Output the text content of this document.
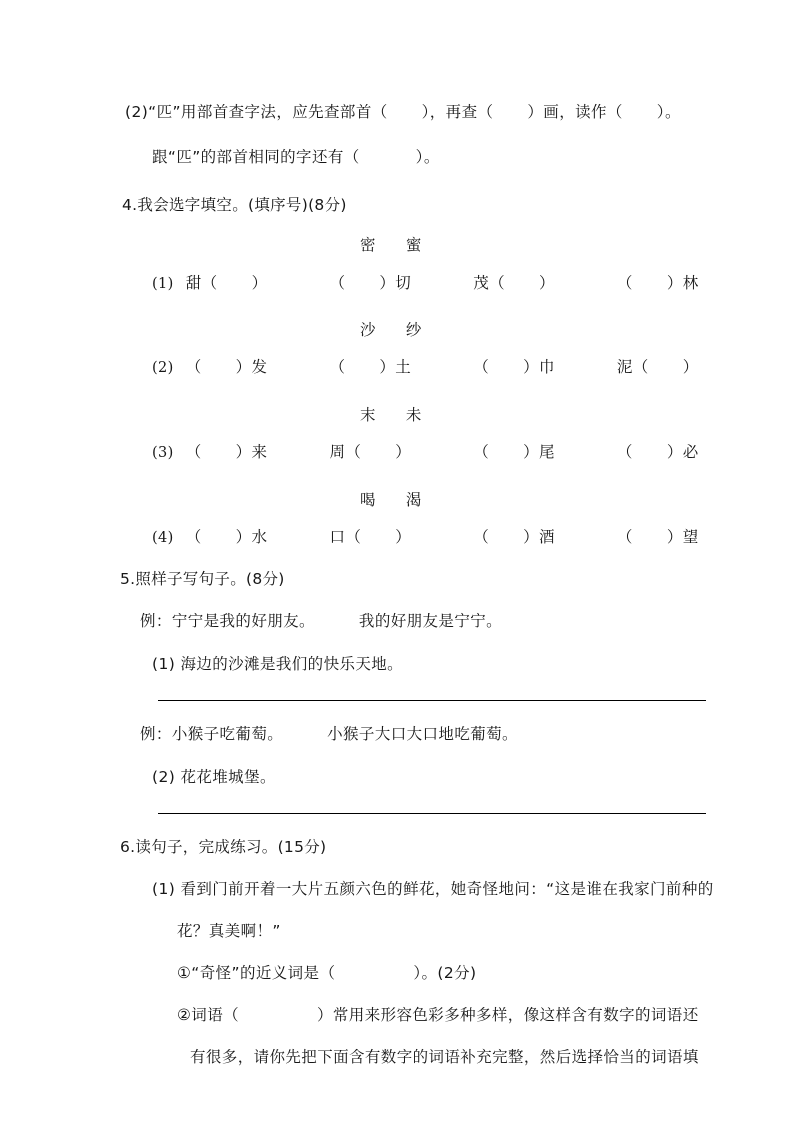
(2)“匹”用部首查字法，应先查部首（ ），再查（ ）画，读作（ ）。
跟“匹”的部首相同的字还有（	）。
4.我会选字填空。(填序号)(8分)
密 蜜
(1) 甜（ ）	（ ）切	茂（ ）	（ ）林
沙 纱
(2) （ ）发	（ ）土	（ ）巾	泥（ ）
末 未
(3) （ ）来	周（ ）	（ ）尾	（ ）必
喝 渴
(4) （ ）水	口（ ）	（ ）酒	（ ）望
5.照样子写句子。(8分)
例：宁宁是我的好朋友。	我的好朋友是宁宁。
(1) 海边的沙滩是我们的快乐天地。
例：小猴子吃葡萄。	小猴子大口大口地吃葡萄。
(2) 花花堆城堡。
6.读句子，完成练习。(15分)
(1) 看到门前开着一大片五颜六色的鲜花，她奇怪地问：“这是谁在我家门前种的
花？真美啊！”
①“奇怪”的近义词是（	）。(2分)
②词语（	）常用来形容色彩多种多样，像这样含有数字的词语还
有很多，请你先把下面含有数字的词语补充完整，然后选择恰当的词语填
